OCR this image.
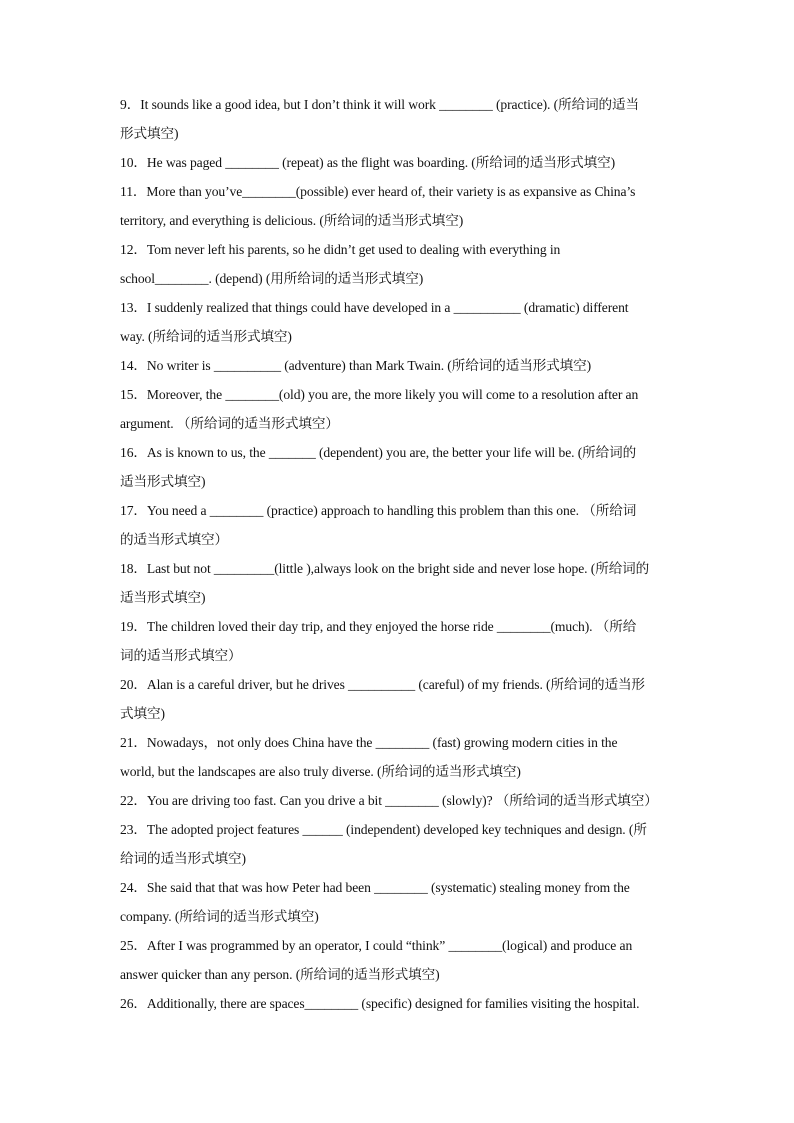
9．It sounds like a good idea, but I don’t think it will work ________ (practice). (所给词的适当
形式填空)
10．He was paged ________ (repeat) as the flight was boarding. (所给词的适当形式填空)
11．More than you’ve________(possible) ever heard of, their variety is as expansive as China’s
territory, and everything is delicious. (所给词的适当形式填空)
12．Tom never left his parents, so he didn’t get used to dealing with everything in
school________. (depend) (用所给词的适当形式填空)
13．I suddenly realized that things could have developed in a __________ (dramatic) different
way. (所给词的适当形式填空)
14．No writer is __________ (adventure) than Mark Twain. (所给词的适当形式填空)
15．Moreover, the ________(old) you are, the more likely you will come to a resolution after an
argument. （所给词的适当形式填空）
16．As is known to us, the _______ (dependent) you are, the better your life will be. (所给词的
适当形式填空)
17．You need a ________ (practice) approach to handling this problem than this one. （所给词
的适当形式填空）
18．Last but not _________(little ),always look on the bright side and never lose hope. (所给词的
适当形式填空)
19．The children loved their day trip, and they enjoyed the horse ride ________(much). （所给
词的适当形式填空）
20．Alan is a careful driver, but he drives __________ (careful) of my friends. (所给词的适当形
式填空)
21．Nowadays，not only does China have the ________ (fast) growing modern cities in the
world, but the landscapes are also truly diverse. (所给词的适当形式填空)
22．You are driving too fast. Can you drive a bit ________ (slowly)? （所给词的适当形式填空）
23．The adopted project features ______ (independent) developed key techniques and design. (所
给词的适当形式填空)
24．She said that that was how Peter had been ________ (systematic) stealing money from the
company. (所给词的适当形式填空)
25．After I was programmed by an operator, I could “think” ________(logical) and produce an
answer quicker than any person. (所给词的适当形式填空)
26．Additionally, there are spaces________ (specific) designed for families visiting the hospital.
